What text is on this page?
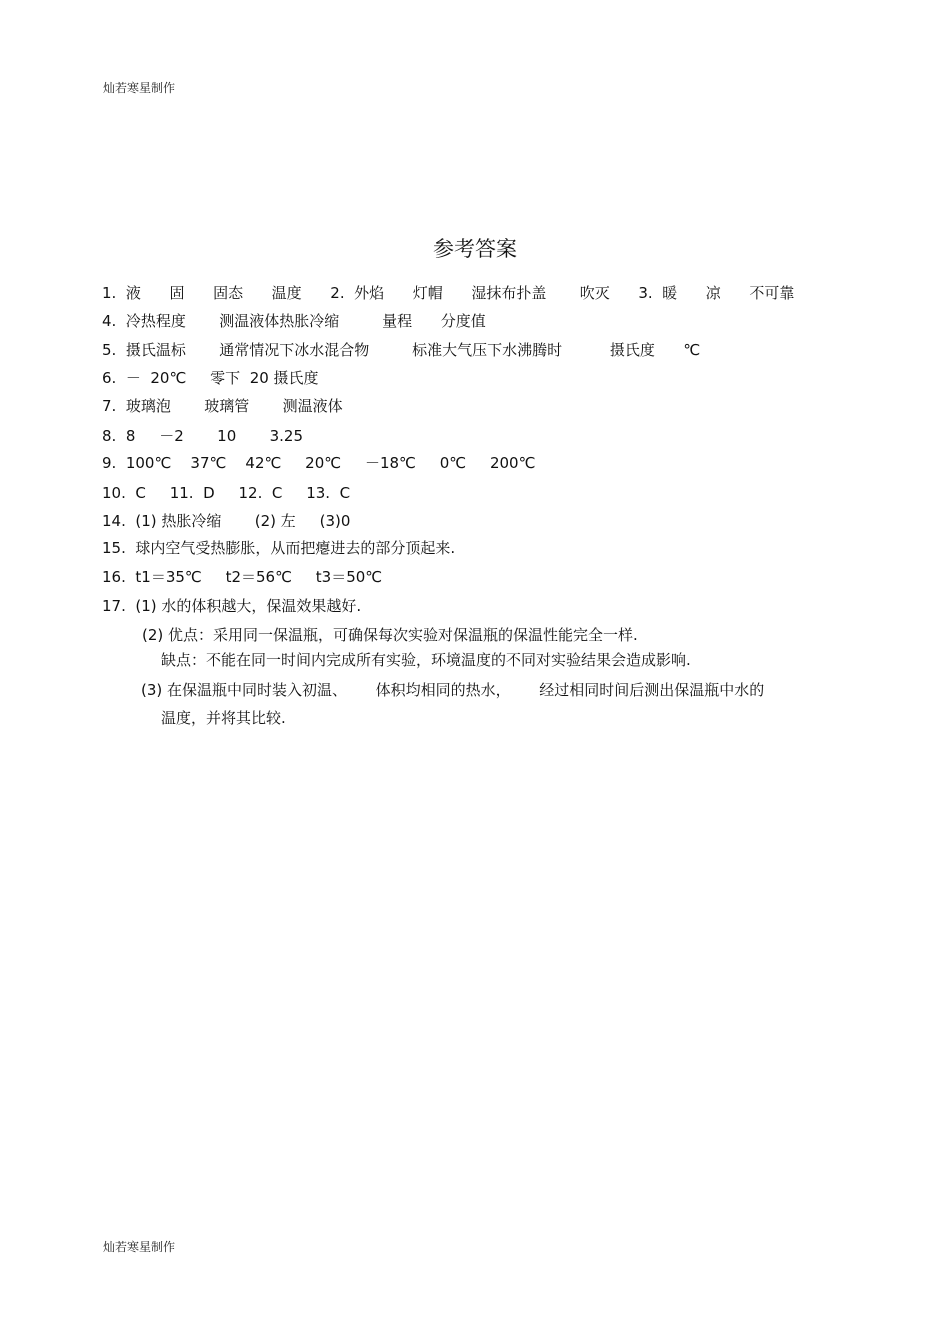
灿若寒星制作
参考答案
1.  液      固      固态      温度      2.  外焰      灯帽      湿抹布扑盖       吹灭      3.  暖      凉      不可靠
4.  冷热程度       测温液体热胀冷缩         量程      分度值
5.  摄氏温标       通常情况下冰水混合物         标准大气压下水沸腾时          摄氏度      ℃
6.  －  20℃     零下  20 摄氏度
7.  玻璃泡       玻璃管       测温液体
8.  8     －2       10       3.25
9.  100℃    37℃    42℃     20℃     －18℃     0℃     200℃
10.  C     11.  D     12.  C     13.  C
14.  (1) 热胀冷缩       (2) 左     (3)0
15.  球内空气受热膨胀，从而把瘪进去的部分顶起来.
16.  t1＝35℃     t2＝56℃     t3＝50℃
17.  (1) 水的体积越大，保温效果越好.
(2) 优点：采用同一保温瓶，可确保每次实验对保温瓶的保温性能完全一样.
缺点：不能在同一时间内完成所有实验，环境温度的不同对实验结果会造成影响.
(3) 在保温瓶中同时装入初温、      体积均相同的热水，      经过相同时间后测出保温瓶中水的
温度，并将其比较.
灿若寒星制作
